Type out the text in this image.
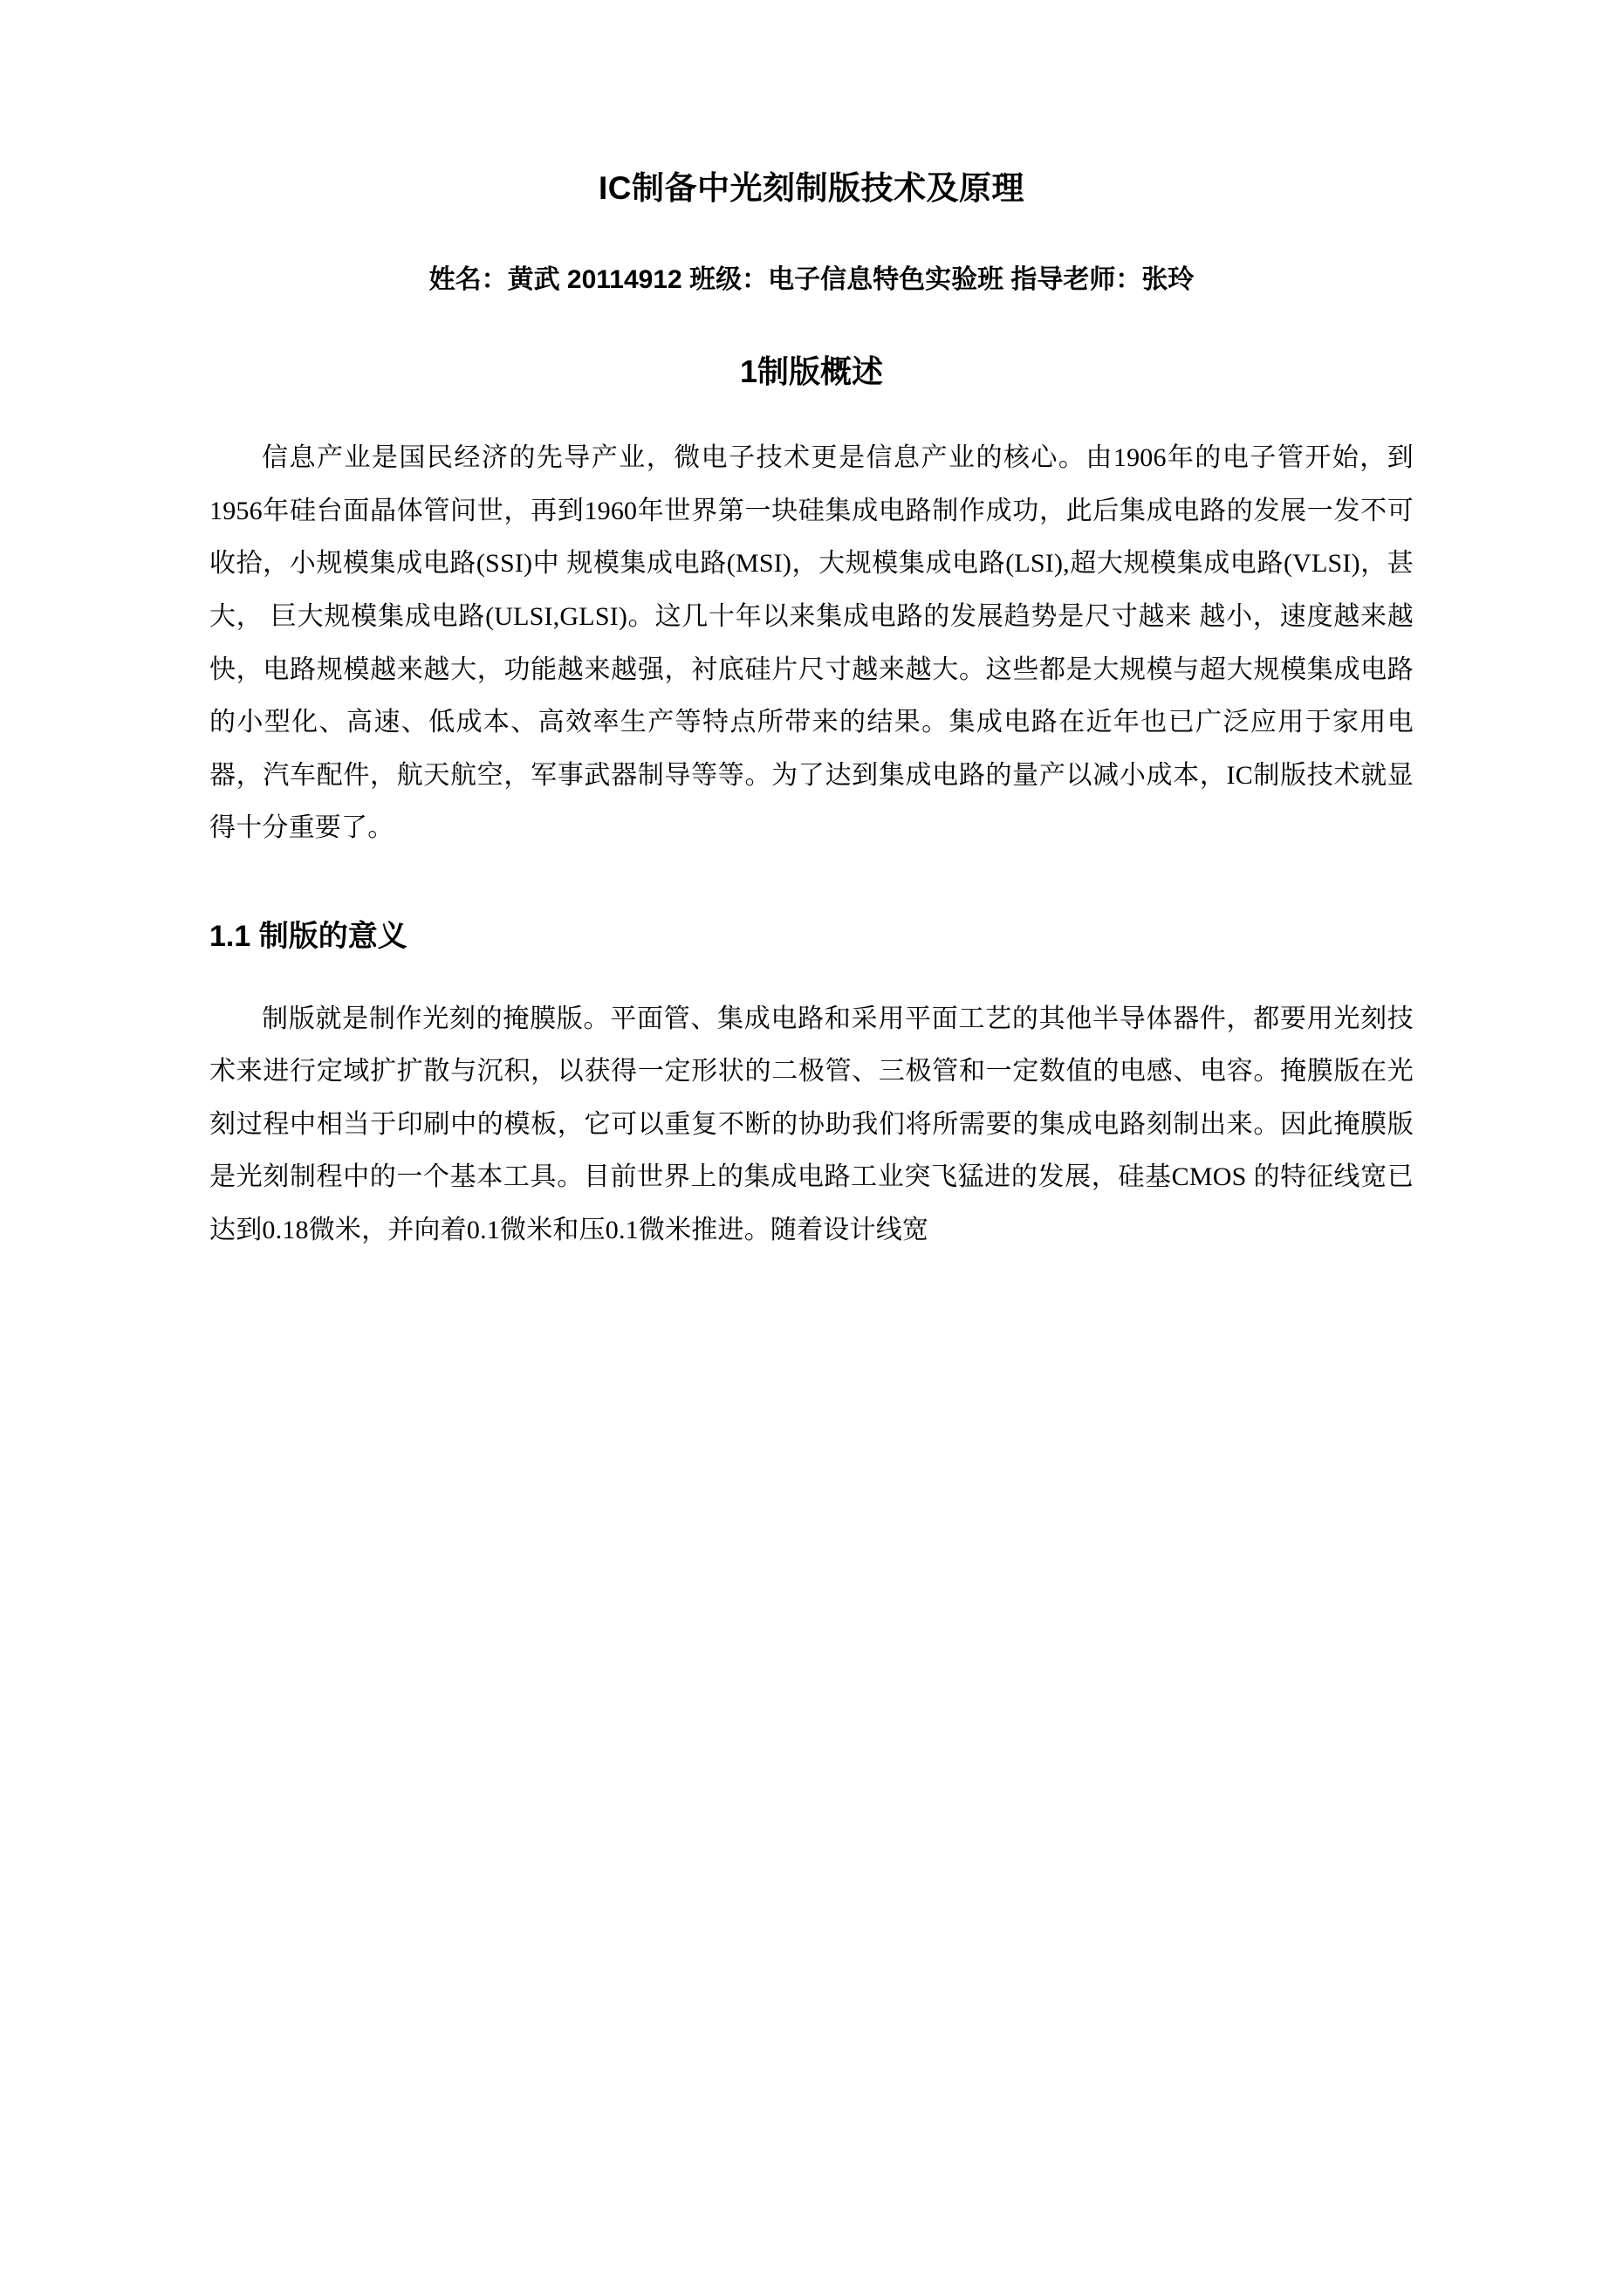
IC制备中光刻制版技术及原理
姓名：黄武 20114912 班级：电子信息特色实验班 指导老师：张玲
1制版概述

信息产业是国民经济的先导产业，微电子技术更是信息产业的核心。由1906年的电子管开始，到1956年硅台面晶体管问世，再到1960年世界第一块硅集成电路制作成功，此后集成电路的发展一发不可收拾，小规模集成电路(SSI)中 规模集成电路(MSI)，大规模集成电路(LSI),超大规模集成电路(VLSI)，甚大， 巨大规模集成电路(ULSI,GLSI)。这几十年以来集成电路的发展趋势是尺寸越来 越小，速度越来越快，电路规模越来越大，功能越来越强，衬底硅片尺寸越来越大。这些都是大规模与超大规模集成电路的小型化、高速、低成本、高效率生产等特点所带来的结果。集成电路在近年也已广泛应用于家用电器，汽车配件，航天航空，军事武器制导等等。为了达到集成电路的量产以减小成本，IC制版技术就显得十分重要了。

1.1 制版的意义

制版就是制作光刻的掩膜版。平面管、集成电路和采用平面工艺的其他半导体器件，都要用光刻技术来进行定域扩扩散与沉积，以获得一定形状的二极管、三极管和一定数值的电感、电容。掩膜版在光刻过程中相当于印刷中的模板，它可以重复不断的协助我们将所需要的集成电路刻制出来。因此掩膜版是光刻制程中的一个基本工具。目前世界上的集成电路工业突飞猛进的发展，硅基CMOS 的特征线宽已达到0.18微米，并向着0.1微米和压0.1微米推进。随着设计线宽
